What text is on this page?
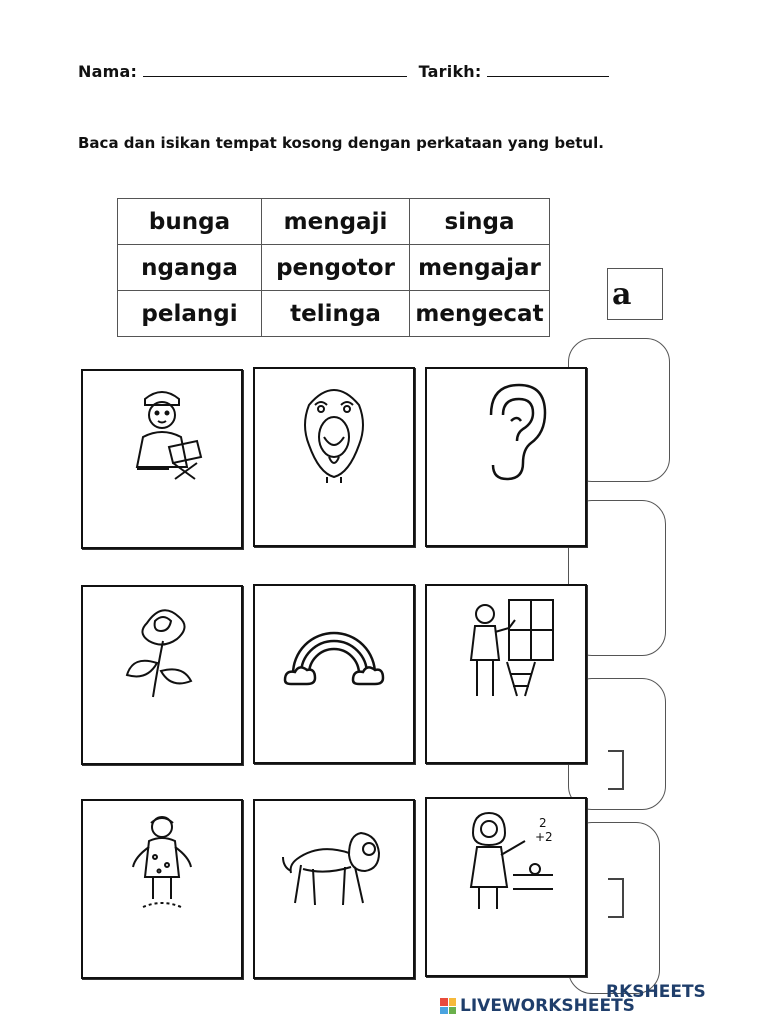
a
RKSHEETS
Nama:	Tarikh:
Baca dan isikan tempat kosong dengan perkataan yang betul.
bunga	mengaji	singa
nganga	pengotor	mengajar
pelangi	telinga	mengecat
2
+2
LIVEWORKSHEETS
